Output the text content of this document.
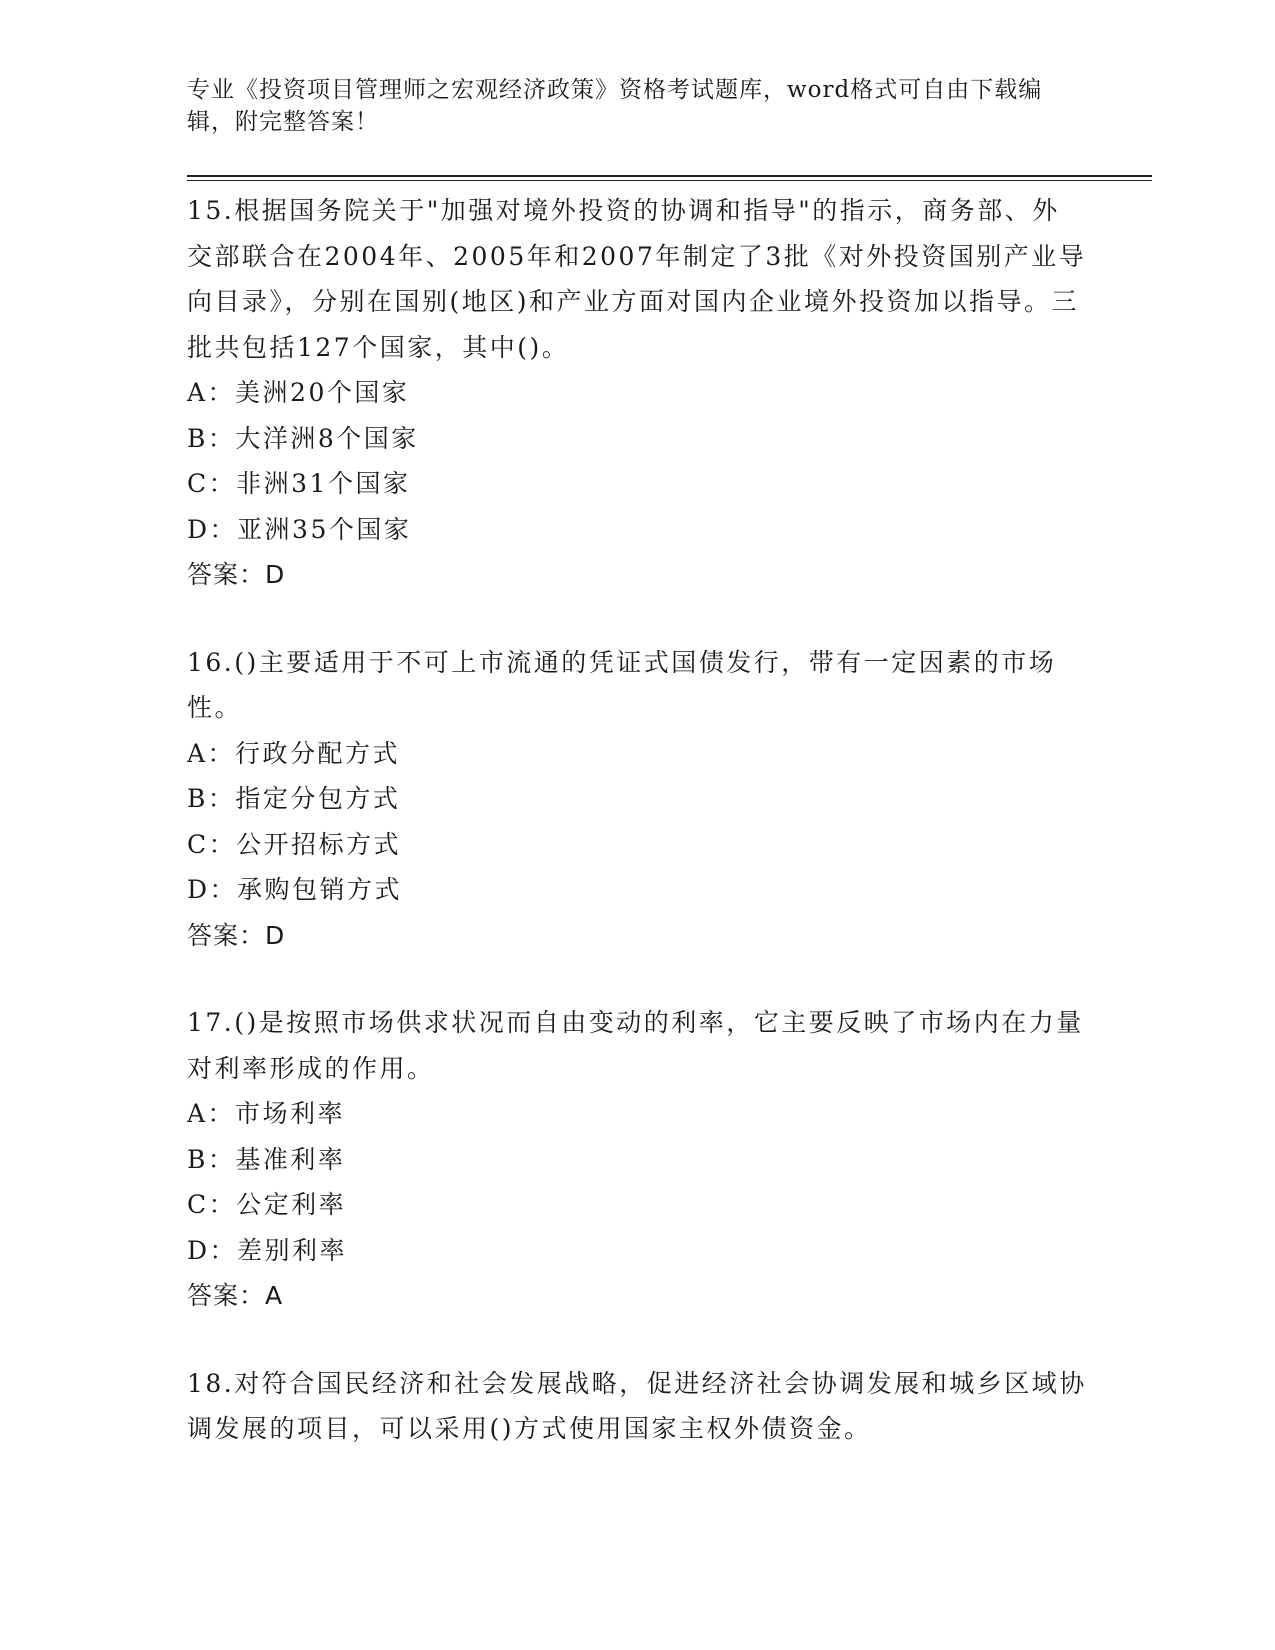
专业《投资项目管理师之宏观经济政策》资格考试题库，word格式可自由下载编辑，附完整答案！

15.根据国务院关于"加强对境外投资的协调和指导"的指示，商务部、外交部联合在2004年、2005年和2007年制定了3批《对外投资国别产业导向目录》，分别在国别(地区)和产业方面对国内企业境外投资加以指导。三批共包括127个国家，其中()。

A：美洲20个国家

B：大洋洲8个国家

C：非洲31个国家

D：亚洲35个国家

答案：D

16.()主要适用于不可上市流通的凭证式国债发行，带有一定因素的市场性。

A：行政分配方式

B：指定分包方式

C：公开招标方式

D：承购包销方式

答案：D

17.()是按照市场供求状况而自由变动的利率，它主要反映了市场内在力量对利率形成的作用。

A：市场利率

B：基准利率

C：公定利率

D：差别利率

答案：A

18.对符合国民经济和社会发展战略，促进经济社会协调发展和城乡区域协调发展的项目，可以采用()方式使用国家主权外债资金。
